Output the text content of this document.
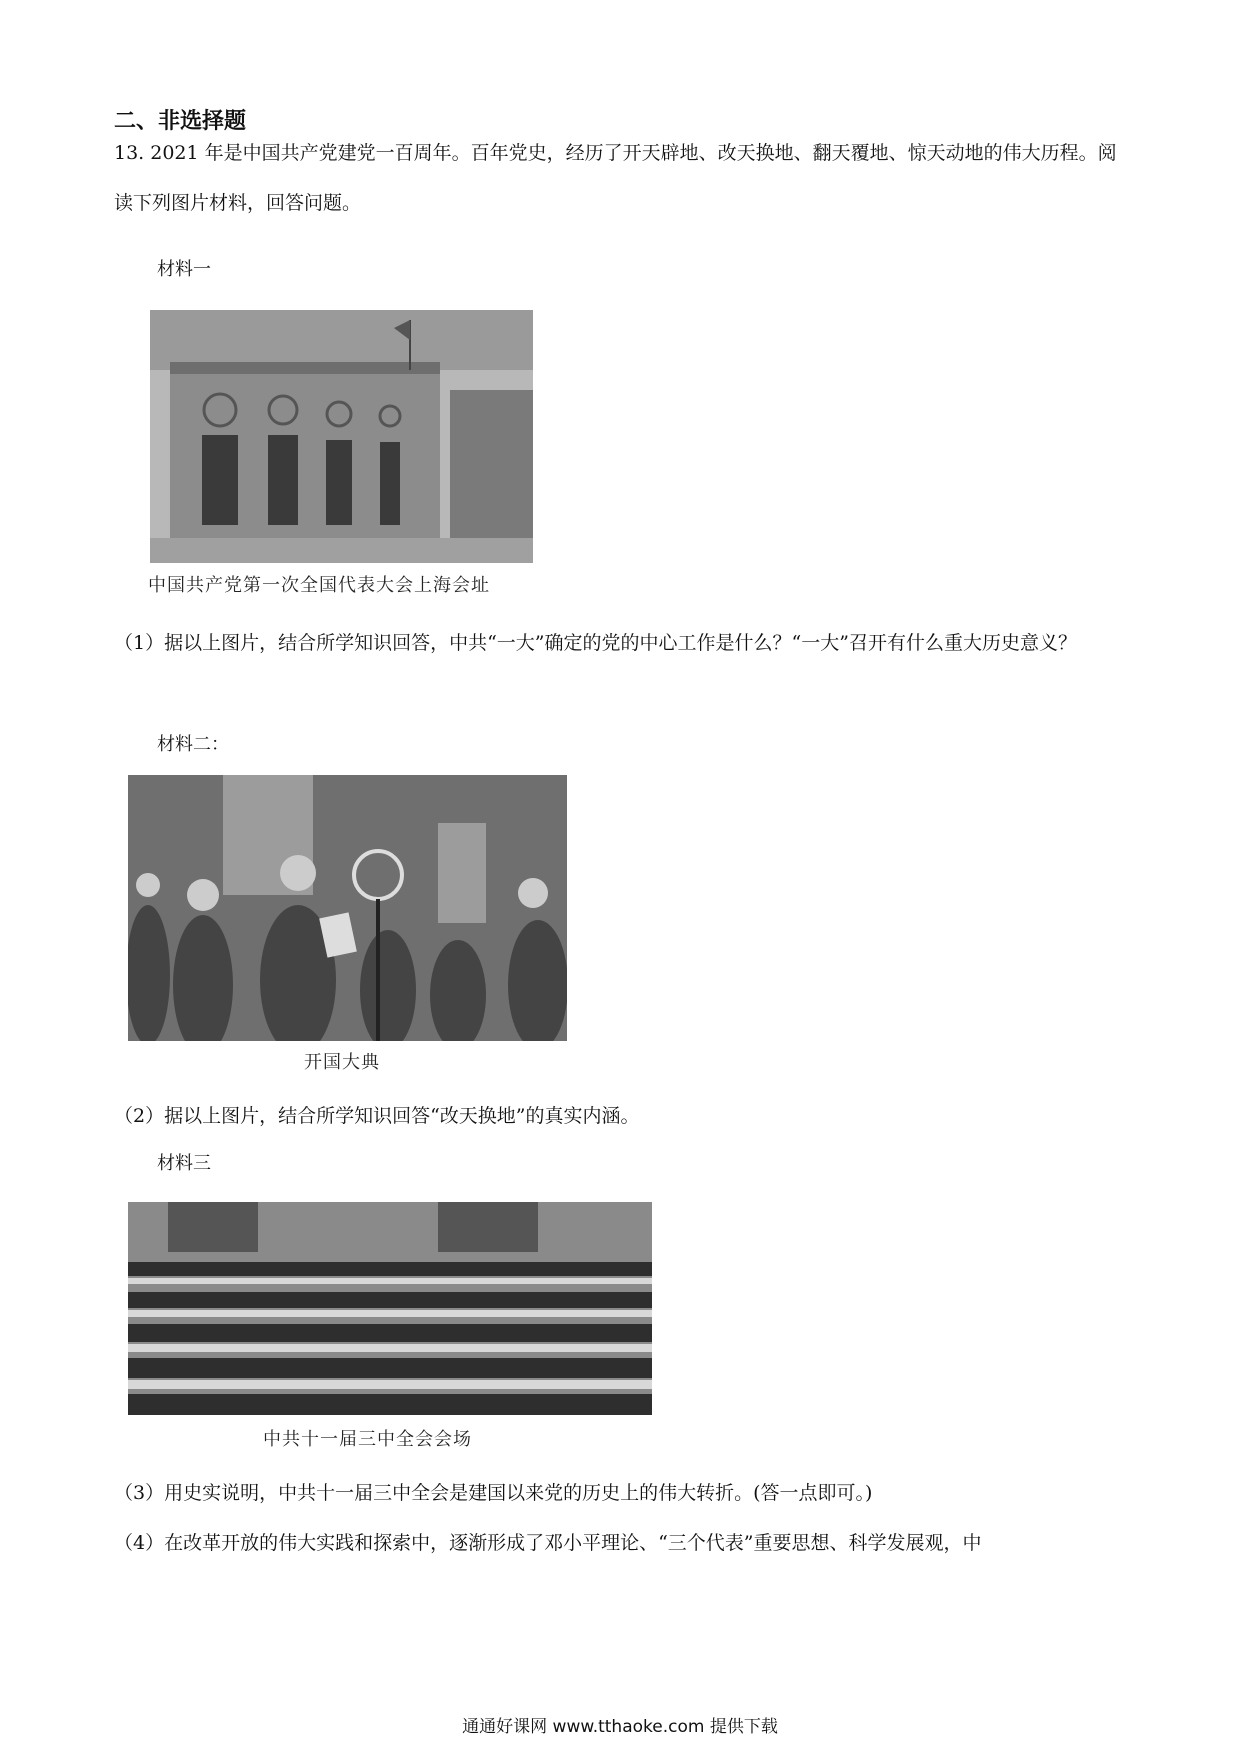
二、非选择题
13. 2021 年是中国共产党建党一百周年。百年党史，经历了开天辟地、改天换地、翻天覆地、惊天动地的伟大历程。阅读下列图片材料，回答问题。
材料一
中国共产党第一次全国代表大会上海会址
（1）据以上图片，结合所学知识回答，中共“一大”确定的党的中心工作是什么？“一大”召开有什么重大历史意义？
材料二：
开国大典
（2）据以上图片，结合所学知识回答“改天换地”的真实内涵。
材料三
中共十一届三中全会会场
（3）用史实说明，中共十一届三中全会是建国以来党的历史上的伟大转折。(答一点即可。)
（4）在改革开放的伟大实践和探索中，逐渐形成了邓小平理论、“三个代表”重要思想、科学发展观，中
通通好课网 www.tthaoke.com 提供下载
